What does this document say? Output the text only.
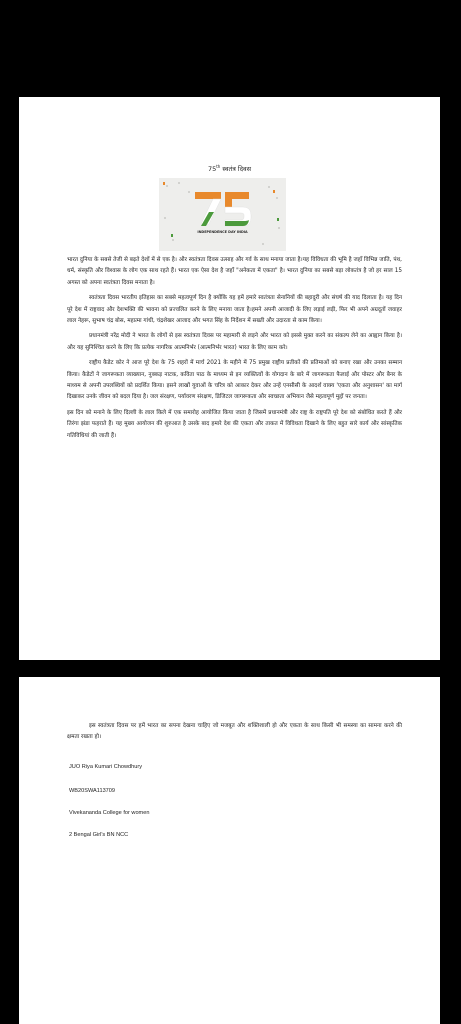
75th स्वतंत्र दिवस
INDEPENDENCE DAY INDIA

भारत दुनिया के सबसे तेजी से बढ़ते देशों में से एक है। और स्वतंत्रता दिवस उत्साह और गर्व के साथ मनाया जाता है।यह विविधता की भूमि है जहाँ विभिन्न जाति, पंथ, धर्म, संस्कृति और विश्वास के लोग एक साथ रहते हैं। भारत एक ऐसा देश है जहाँ "अनेकता में एकता" है। भारत दुनिया का सबसे बड़ा लोकतंत्र है जो हर साल 15 अगस्त को अपना स्वतंत्रता दिवस मनाता है।

स्वतंत्रता दिवस भारतीय इतिहास का सबसे महत्वपूर्ण दिन है क्योंकि यह हमें हमारे स्वतंत्रता सेनानियों की बहादुरी और संघर्ष की याद दिलाता है। यह दिन पूरे देश में राष्ट्रवाद और देशभक्ति की भावना को प्रज्वलित करने के लिए मनाया जाता है।हमने अपनी आजादी के लिए लड़ाई लड़ी, फिर भी अपने अग्रदूतों जवाहर लाल नेहरू, सुभाष चंद्र बोस, महात्मा गांधी, चंद्रशेखर आजाद और भगत सिंह के निर्देशन में सख्ती और उदारता से काम किया।

प्रधानमंत्री नरेंद्र मोदी ने भारत के लोगों से इस स्वतंत्रता दिवस पर महामारी से लड़ने और भारत को इससे मुक्त करने का संकल्प लेने का आह्वान किया है।और यह सुनिश्चित करने के लिए कि प्रत्येक नागरिक आत्मनिर्भर (आत्मनिर्भर भारत) भारत के लिए काम करे।

राष्ट्रीय कैडेट कोर ने आज पूरे देश के 75 शहरों में मार्च 2021 के महीने में 75 प्रमुख राष्ट्रीय प्रतीकों की प्रतिमाओं को बनाए रखा और उनका सम्मान किया। कैडेटों ने जागरूकता व्याख्यान, नुक्कड़ नाटक, कविता पाठ के माध्यम से इन व्यक्तित्वों के योगदान के बारे में जागरूकता फैलाई और पोस्टर और बैनर के माध्यम से अपनी उपलब्धियों को प्रदर्शित किया। इसने लाखों युवाओं के चरित्र को आकार देकर और उन्हें एनसीसी के आदर्श वाक्य 'एकता और अनुशासन' का मार्ग दिखाकर उनके जीवन को बदल दिया है। जल संरक्षण, पर्यावरण संरक्षण, डिजिटल जागरूकता और स्वच्छता अभियान जैसे महत्वपूर्ण मुद्दों पर जनता।

इस दिन को मनाने के लिए दिल्ली के लाल किले में एक समारोह आयोजित किया जाता है जिसमें प्रधानमंत्री और राष्ट्र के राष्ट्रपति पूरे देश को संबोधित करते हैं और तिरंगा झंडा फहराते हैं। यह मुख्य आयोजन की शुरुआत है उसके बाद हमारे देश की एकता और ताकत में विविधता दिखाने के लिए बहुत सारे कार्य और सांस्कृतिक गतिविधियां की जाती हैं।

इस स्वतंत्रता दिवस पर हमें भारत का सपना देखना चाहिए जो मजबूत और शक्तिशाली हो और एकता के साथ किसी भी समस्या का सामना करने की क्षमता रखता हो।

JUO Riya Kumari Chowdhury
WB20SWA113709
Vivekananda College for women
2 Bengal Girl's BN NCC
